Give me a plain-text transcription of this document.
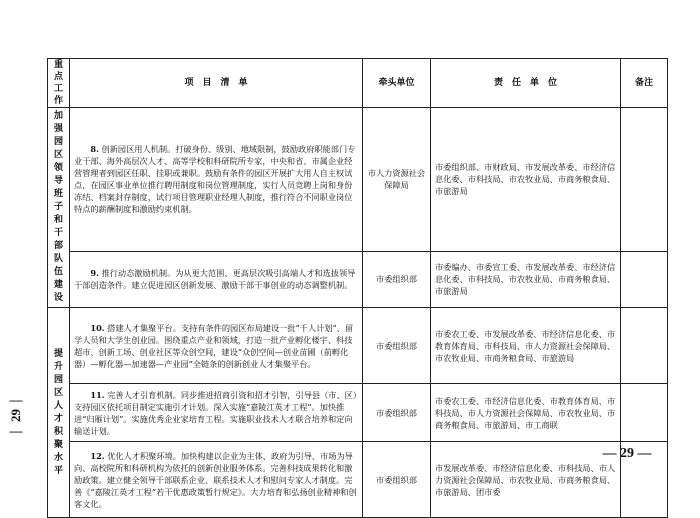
—
29
—
— 29 —
重点工作	项　目　清　单	牵头单位	责　任　单　位	备注
加强园区领导班子和干部队伍建设	
  8. 创新园区用人机制。打破身份、级别、地域限制，鼓励政府职能部门专业干部、海外高层次人才、高等学校和科研院所专家，中央和省、市属企业经营管理者到园区任职、挂职或兼职。鼓励有条件的园区开展扩大用人自主权试点，在园区事业单位推行聘用制度和岗位管理制度，实行人员竞聘上岗和身份冻结、档案封存制度，试行项目管理职业经理人制度，推行符合不同职业岗位特点的薪酬制度和激励约束机制。	市人力资源社会保障局	市委组织部、市财政局、市发展改革委、市经济信息化委、市科技局、市农牧业局、市商务粮食局、市旅游局	

	  9. 推行动态激励机制。为从更大范围、更高层次吸引高端人才和选拔领导干部创造条件。建立促进园区创新发展、激励干部干事创业的动态调整机制。	市委组织部	市委编办、市委宣工委、市发展改革委、市经济信息化委、市科技局、市农牧业局、市商务粮食局、市旅游局	
提升园区人才积聚水平	
  10. 搭建人才集聚平台。支持有条件的园区布局建设一批“千人计划”、留学人员和大学生创业园。围绕重点产业和领域，打造一批产业孵化楼宇、科技超市、创新工场、创业社区等众创空间，建设“众创空间—创业苗圃（前孵化器）—孵化器—加速器—产业园”全链条的创新创业人才集聚平台。	市委组织部	市委农工委、市发展改革委、市经济信息化委、市教育体育局、市科技局、市人力资源社会保障局、市农牧业局、市商务粮食局、市旅游局	

	  11. 完善人才引育机制。同步推进招商引资和招才引智，引导县（市、区）支持园区依托项目制定实施引才计划。深入实施“嘉陵江英才工程”。加快推进“归雁计划”。实施优秀企业家培育工程。实施职业技术人才联合培养和定向输送计划。	市委组织部	市委农工委、市经济信息化委、市教育体育局、市科技局、市人力资源社会保障局、市农牧业局、市商务粮食局、市旅游局、市工商联	

	  12. 优化人才积聚环境。加快构建以企业为主体、政府为引导、市场为导向、高校院所和科研机构为依托的创新创业服务体系。完善科技成果转化和激励政策。建立健全领导干部联系企业、联系技术人才和慰问专家人才制度。完善《“嘉陵江英才工程”若干优惠政策暂行规定》。大力培育和弘扬创业精神和创客文化。	市委组织部	市发展改革委、市经济信息化委、市科技局、市人力资源社会保障局、市农牧业局、市商务粮食局、市旅游局、团市委	
